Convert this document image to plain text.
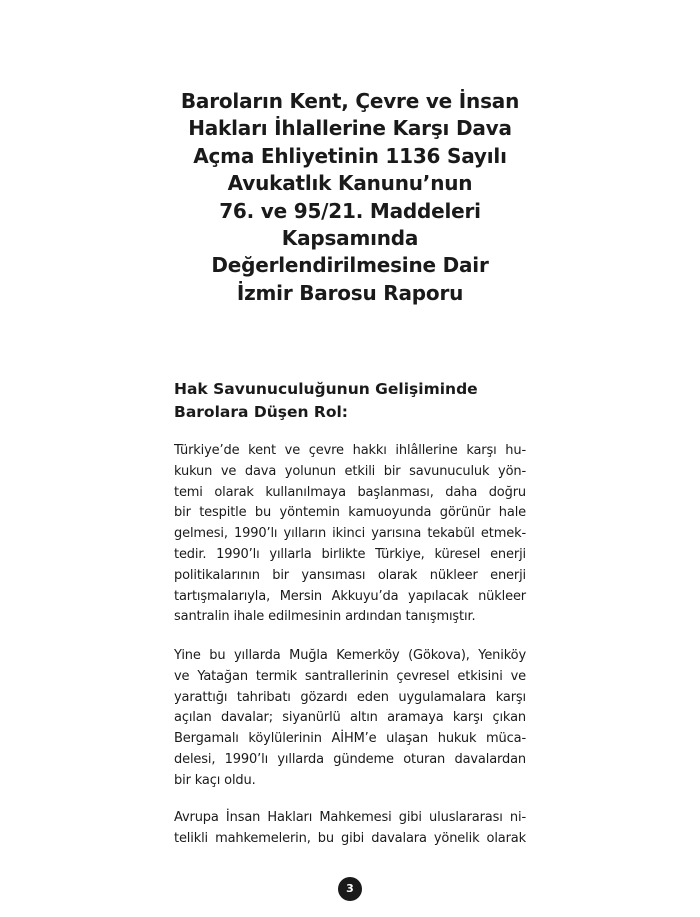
Baroların Kent, Çevre ve İnsan
Hakları İhlallerine Karşı Dava
Açma Ehliyetinin 1136 Sayılı
Avukatlık Kanunu’nun
76. ve 95/21. Maddeleri
Kapsamında
Değerlendirilmesine Dair
İzmir Barosu Raporu
Hak Savunuculuğunun Gelişiminde
Barolara Düşen Rol:

Türkiye’de kent ve çevre hakkı ihlâllerine karşı hu-
kukun ve dava yolunun etkili bir savunuculuk yön-
temi olarak kullanılmaya başlanması, daha doğru
bir tespitle bu yöntemin kamuoyunda görünür hale
gelmesi, 1990’lı yılların ikinci yarısına tekabül etmek-
tedir. 1990’lı yıllarla birlikte Türkiye, küresel enerji
politikalarının bir yansıması olarak nükleer enerji
tartışmalarıyla, Mersin Akkuyu’da yapılacak nükleer
santralin ihale edilmesinin ardından tanışmıştır.

Yine bu yıllarda Muğla Kemerköy (Gökova), Yeniköy
ve Yatağan termik santrallerinin çevresel etkisini ve
yarattığı tahribatı gözardı eden uygulamalara karşı
açılan davalar; siyanürlü altın aramaya karşı çıkan
Bergamalı köylülerinin AİHM’e ulaşan hukuk müca-
delesi, 1990’lı yıllarda gündeme oturan davalardan
bir kaçı oldu.

Avrupa İnsan Hakları Mahkemesi gibi uluslararası ni-
telikli mahkemelerin, bu gibi davalara yönelik olarak

3
